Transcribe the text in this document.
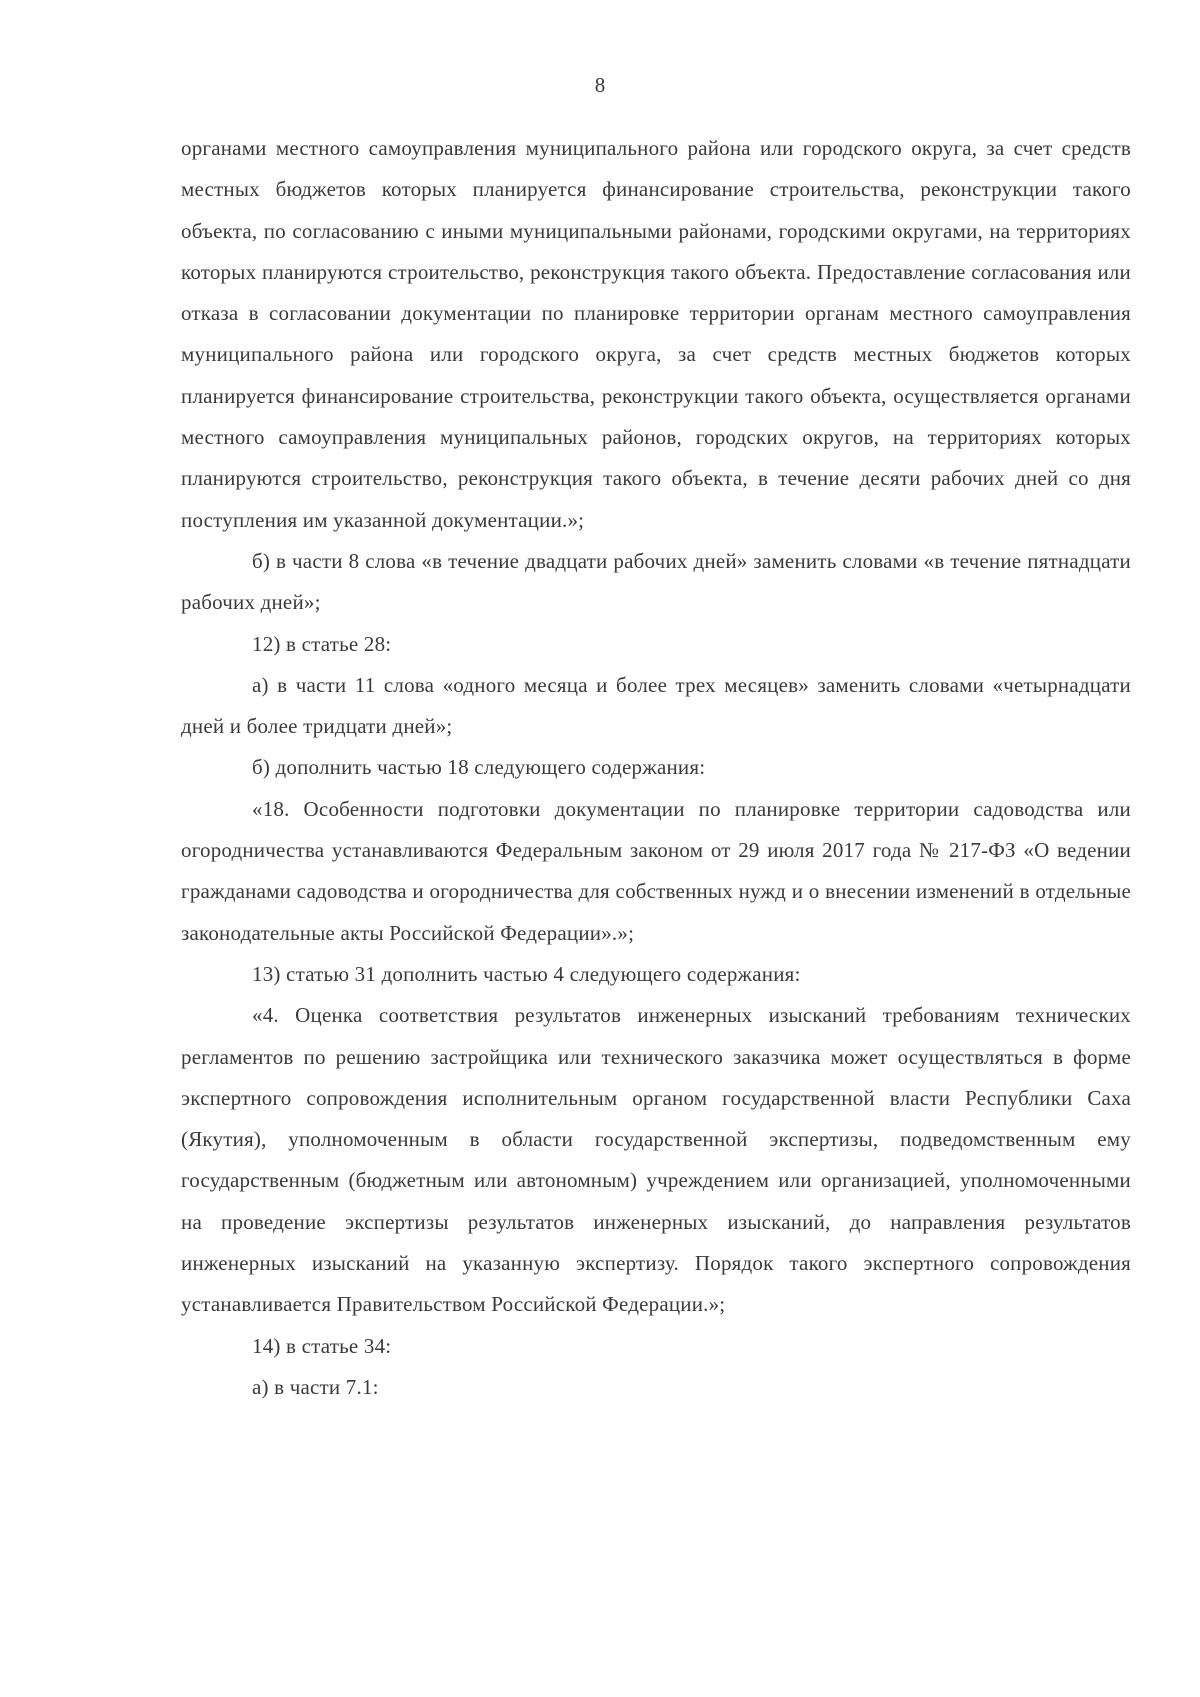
8

органами местного самоуправления муниципального района или городского округа, за счет средств местных бюджетов которых планируется финансирование строительства, реконструкции такого объекта, по согласованию с иными муниципальными районами, городскими округами, на территориях которых планируются строительство, реконструкция такого объекта. Предоставление согласования или отказа в согласовании документации по планировке территории органам местного самоуправления муниципального района или городского округа, за счет средств местных бюджетов которых планируется финансирование строительства, реконструкции такого объекта, осуществляется органами местного самоуправления муниципальных районов, городских округов, на территориях которых планируются строительство, реконструкция такого объекта, в течение десяти рабочих дней со дня поступления им указанной документации.»;

б) в части 8 слова «в течение двадцати рабочих дней» заменить словами «в течение пятнадцати рабочих дней»;

12) в статье 28:

а) в части 11 слова «одного месяца и более трех месяцев» заменить словами «четырнадцати дней и более тридцати дней»;

б) дополнить частью 18 следующего содержания:

«18. Особенности подготовки документации по планировке территории садоводства или огородничества устанавливаются Федеральным законом от 29 июля 2017 года № 217-ФЗ «О ведении гражданами садоводства и огородничества для собственных нужд и о внесении изменений в отдельные законодательные акты Российской Федерации».»;

13) статью 31 дополнить частью 4 следующего содержания:

«4. Оценка соответствия результатов инженерных изысканий требованиям технических регламентов по решению застройщика или технического заказчика может осуществляться в форме экспертного сопровождения исполнительным органом государственной власти Республики Саха (Якутия), уполномоченным в области государственной экспертизы, подведомственным ему государственным (бюджетным или автономным) учреждением или организацией, уполномоченными на проведение экспертизы результатов инженерных изысканий, до направления результатов инженерных изысканий на указанную экспертизу. Порядок такого экспертного сопровождения устанавливается Правительством Российской Федерации.»;

14) в статье 34:

а) в части 7.1:
